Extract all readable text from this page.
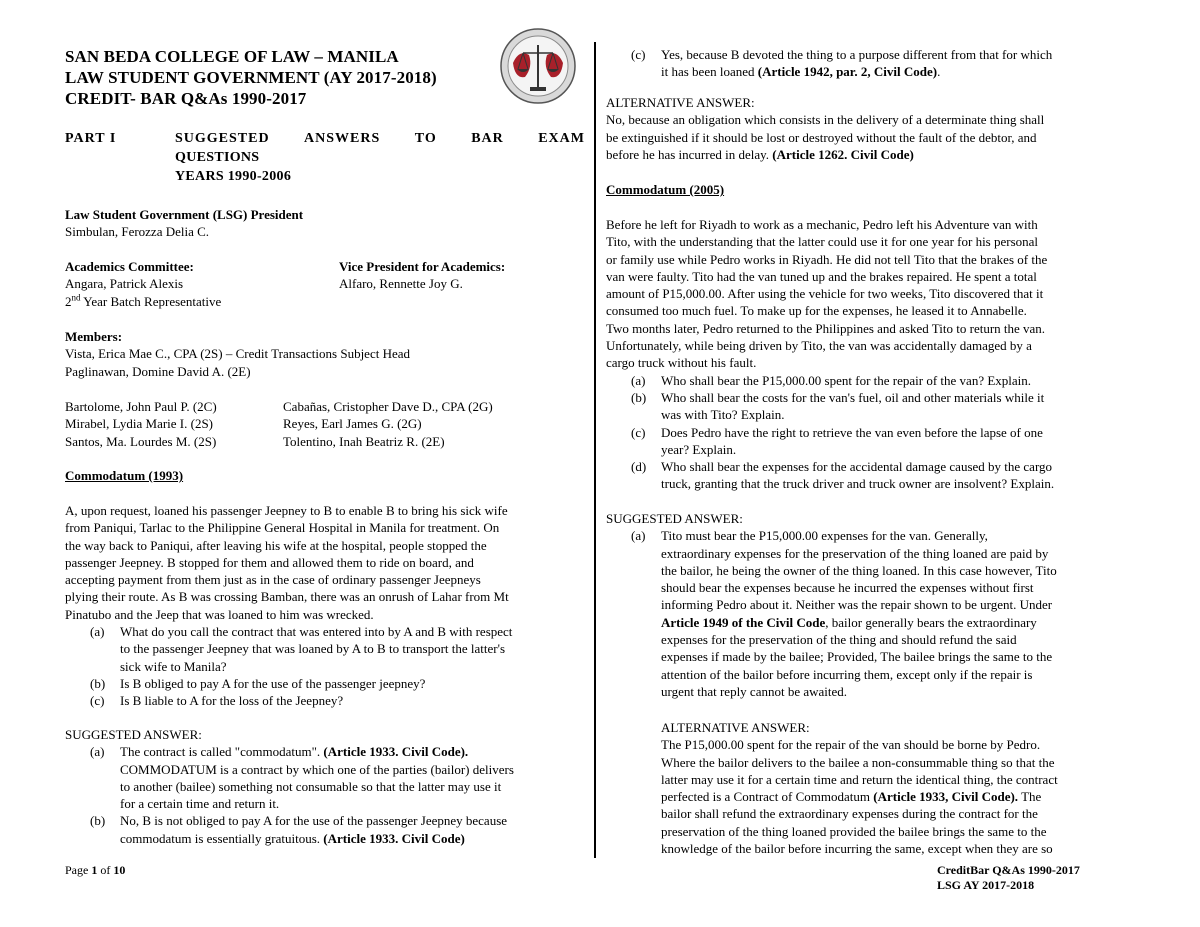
SAN BEDA COLLEGE OF LAW – MANILA
LAW STUDENT GOVERNMENT (AY 2017-2018)
CREDIT- BAR Q&As 1990-2017
PART I	SUGGESTED ANSWERS TO BAR EXAM
QUESTIONS
YEARS 1990-2006
Law Student Government (LSG) President
Simbulan, Ferozza Delia C.
Academics Committee:
Angara, Patrick Alexis
2nd Year Batch Representative
Vice President for Academics:
Alfaro, Rennette Joy G.
Members:
Vista, Erica Mae C., CPA (2S) – Credit Transactions Subject Head
Paglinawan, Domine David A. (2E)
Bartolome, John Paul P. (2C)
Mirabel, Lydia Marie I. (2S)
Santos, Ma. Lourdes M. (2S)
Cabañas, Cristopher Dave D., CPA (2G)
Reyes, Earl James G. (2G)
Tolentino, Inah Beatriz R. (2E)
Commodatum (1993)
A, upon request, loaned his passenger Jeepney to B to enable B to bring his sick wife
from Paniqui, Tarlac to the Philippine General Hospital in Manila for treatment. On
the way back to Paniqui, after leaving his wife at the hospital, people stopped the
passenger Jeepney. B stopped for them and allowed them to ride on board, and
accepting payment from them just as in the case of ordinary passenger Jeepneys
plying their route. As B was crossing Bamban, there was an onrush of Lahar from Mt
Pinatubo and the Jeep that was loaned to him was wrecked.
(a) What do you call the contract that was entered into by A and B with respect
to the passenger Jeepney that was loaned by A to B to transport the latter's
sick wife to Manila?
(b) Is B obliged to pay A for the use of the passenger jeepney?
(c) Is B liable to A for the loss of the Jeepney?
SUGGESTED ANSWER:
(a) The contract is called "commodatum". (Article 1933. Civil Code).
COMMODATUM is a contract by which one of the parties (bailor) delivers
to another (bailee) something not consumable so that the latter may use it
for a certain time and return it.
(b) No, B is not obliged to pay A for the use of the passenger Jeepney because
commodatum is essentially gratuitous. (Article 1933. Civil Code)
(c) Yes, because B devoted the thing to a purpose different from that for which
it has been loaned (Article 1942, par. 2, Civil Code).
ALTERNATIVE ANSWER:
No, because an obligation which consists in the delivery of a determinate thing shall
be extinguished if it should be lost or destroyed without the fault of the debtor, and
before he has incurred in delay. (Article 1262. Civil Code)
Commodatum (2005)
Before he left for Riyadh to work as a mechanic, Pedro left his Adventure van with
Tito, with the understanding that the latter could use it for one year for his personal
or family use while Pedro works in Riyadh. He did not tell Tito that the brakes of the
van were faulty. Tito had the van tuned up and the brakes repaired. He spent a total
amount of P15,000.00. After using the vehicle for two weeks, Tito discovered that it
consumed too much fuel. To make up for the expenses, he leased it to Annabelle.
Two months later, Pedro returned to the Philippines and asked Tito to return the van.
Unfortunately, while being driven by Tito, the van was accidentally damaged by a
cargo truck without his fault.
(a) Who shall bear the P15,000.00 spent for the repair of the van? Explain.
(b) Who shall bear the costs for the van's fuel, oil and other materials while it
was with Tito? Explain.
(c) Does Pedro have the right to retrieve the van even before the lapse of one
year? Explain.
(d) Who shall bear the expenses for the accidental damage caused by the cargo
truck, granting that the truck driver and truck owner are insolvent? Explain.
SUGGESTED ANSWER:
(a) Tito must bear the P15,000.00 expenses for the van. Generally,
extraordinary expenses for the preservation of the thing loaned are paid by
the bailor, he being the owner of the thing loaned. In this case however, Tito
should bear the expenses because he incurred the expenses without first
informing Pedro about it. Neither was the repair shown to be urgent. Under
Article 1949 of the Civil Code, bailor generally bears the extraordinary
expenses for the preservation of the thing and should refund the said
expenses if made by the bailee; Provided, The bailee brings the same to the
attention of the bailor before incurring them, except only if the repair is
urgent that reply cannot be awaited.
ALTERNATIVE ANSWER:
The P15,000.00 spent for the repair of the van should be borne by Pedro.
Where the bailor delivers to the bailee a non-consummable thing so that the
latter may use it for a certain time and return the identical thing, the contract
perfected is a Contract of Commodatum (Article 1933, Civil Code). The
bailor shall refund the extraordinary expenses during the contract for the
preservation of the thing loaned provided the bailee brings the same to the
knowledge of the bailor before incurring the same, except when they are so
Page 1 of 10	CreditBar Q&As 1990-2017
LSG AY 2017-2018
